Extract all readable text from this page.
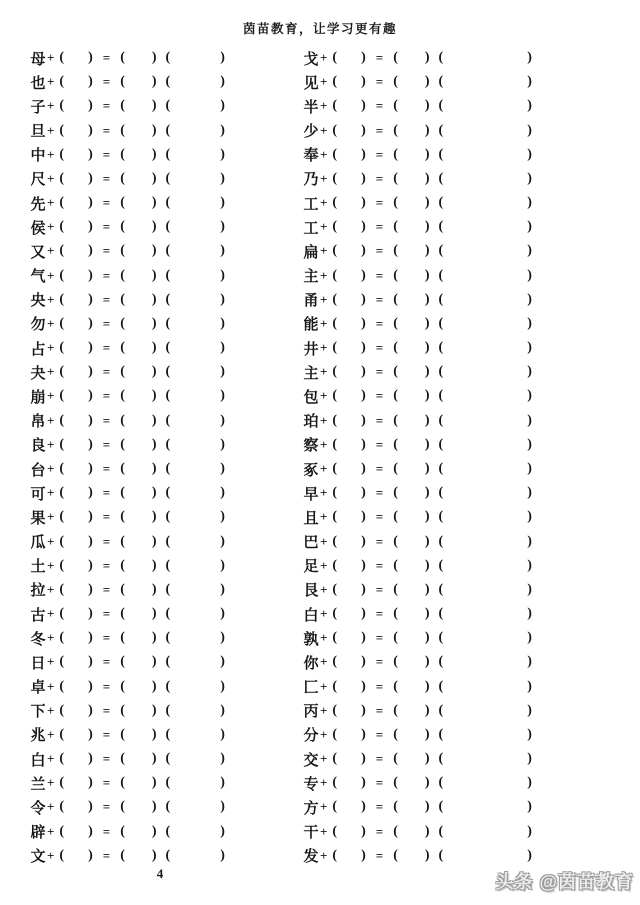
茵苗教育，让学习更有趣
母 + ( ) = ( ) (	)
也 + ( ) = ( ) (	)
子 + ( ) = ( ) (	)
旦 + ( ) = ( ) (	)
中 + ( ) = ( ) (	)
尺 + ( ) = ( ) (	)
先 + ( ) = ( ) (	)
侯 + ( ) = ( ) (	)
又 + ( ) = ( ) (	)
气 + ( ) = ( ) (	)
央 + ( ) = ( ) (	)
勿 + ( ) = ( ) (	)
占 + ( ) = ( ) (	)
夬 + ( ) = ( ) (	)
崩 + ( ) = ( ) (	)
帛 + ( ) = ( ) (	)
良 + ( ) = ( ) (	)
台 + ( ) = ( ) (	)
可 + ( ) = ( ) (	)
果 + ( ) = ( ) (	)
瓜 + ( ) = ( ) (	)
土 + ( ) = ( ) (	)
拉 + ( ) = ( ) (	)
古 + ( ) = ( ) (	)
冬 + ( ) = ( ) (	)
日 + ( ) = ( ) (	)
卓 + ( ) = ( ) (	)
下 + ( ) = ( ) (	)
兆 + ( ) = ( ) (	)
白 + ( ) = ( ) (	)
兰 + ( ) = ( ) (	)
令 + ( ) = ( ) (	)
辟 + ( ) = ( ) (	)
文 + ( ) = ( ) (	)
戈 + ( ) = ( ) (	)
见 + ( ) = ( ) (	)
半 + ( ) = ( ) (	)
少 + ( ) = ( ) (	)
奉 + ( ) = ( ) (	)
乃 + ( ) = ( ) (	)
工 + ( ) = ( ) (	)
工 + ( ) = ( ) (	)
扁 + ( ) = ( ) (	)
主 + ( ) = ( ) (	)
甬 + ( ) = ( ) (	)
能 + ( ) = ( ) (	)
井 + ( ) = ( ) (	)
主 + ( ) = ( ) (	)
包 + ( ) = ( ) (	)
珀 + ( ) = ( ) (	)
察 + ( ) = ( ) (	)
豖 + ( ) = ( ) (	)
早 + ( ) = ( ) (	)
且 + ( ) = ( ) (	)
巴 + ( ) = ( ) (	)
足 + ( ) = ( ) (	)
艮 + ( ) = ( ) (	)
白 + ( ) = ( ) (	)
孰 + ( ) = ( ) (	)
你 + ( ) = ( ) (	)
匚 + ( ) = ( ) (	)
丙 + ( ) = ( ) (	)
分 + ( ) = ( ) (	)
交 + ( ) = ( ) (	)
专 + ( ) = ( ) (	)
方 + ( ) = ( ) (	)
干 + ( ) = ( ) (	)
发 + ( ) = ( ) (	)
4	头条 @茵苗教育
